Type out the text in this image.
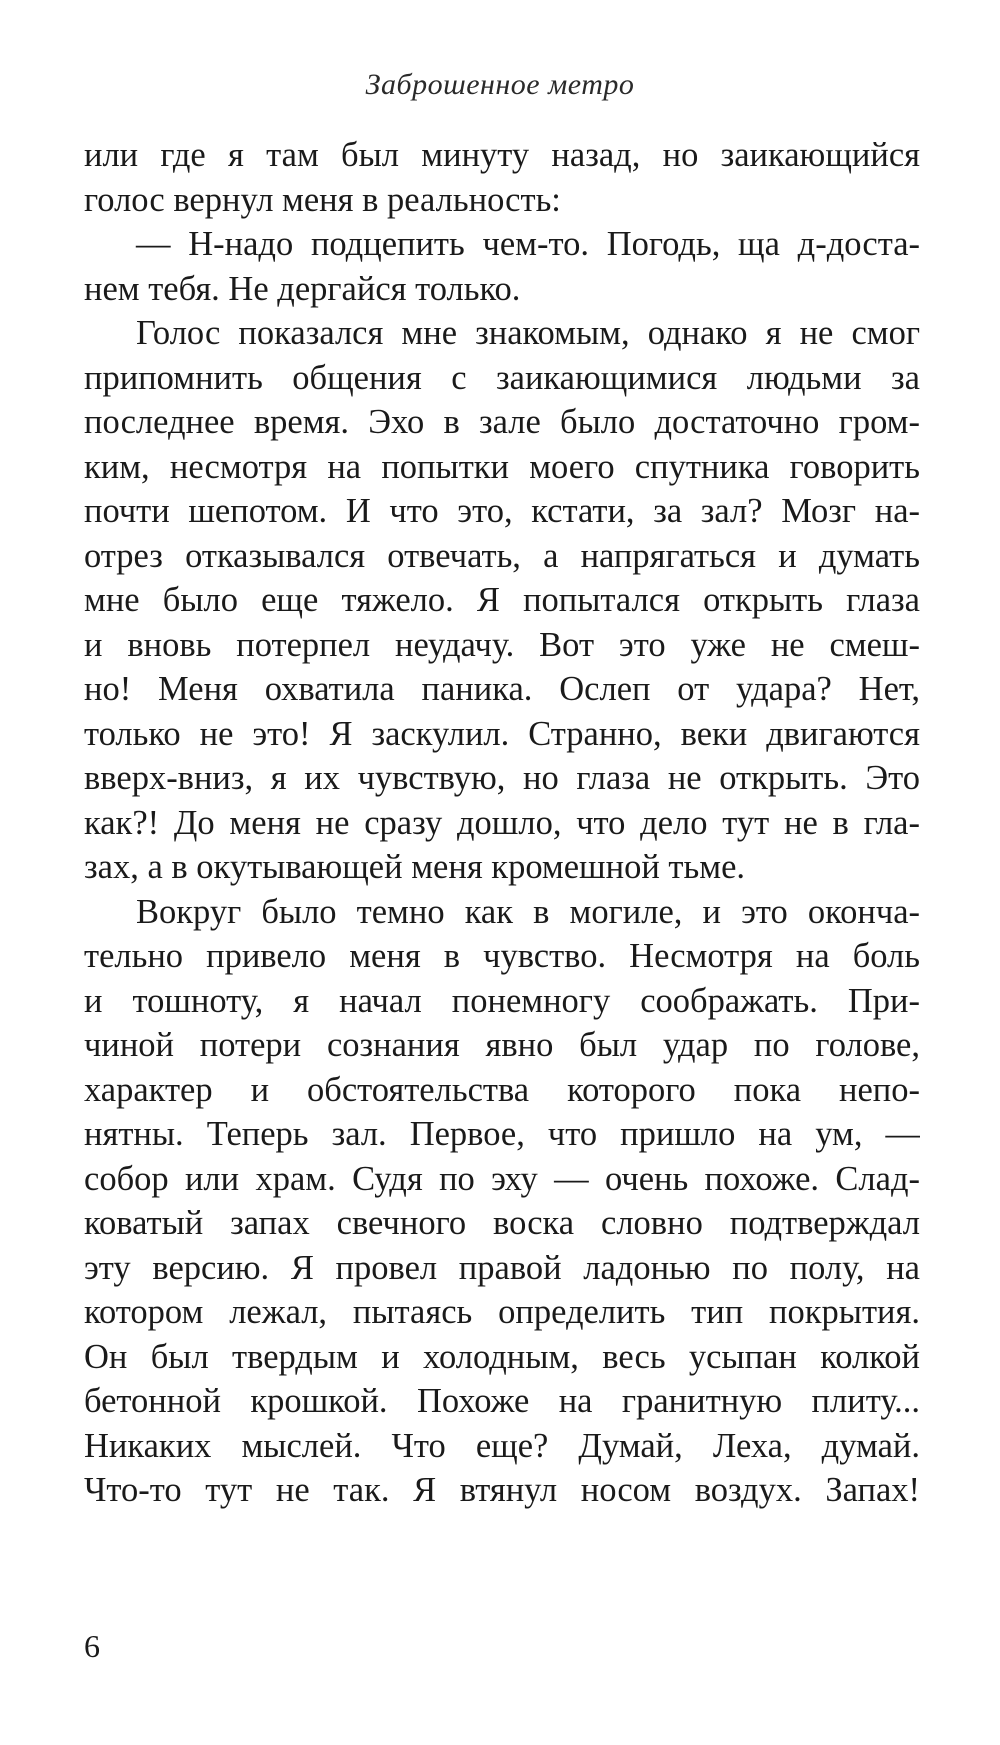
Заброшенное метро
или где я там был минуту назад, но заикающийся
голос вернул меня в реальность:
— Н-надо подцепить чем-то. Погодь, ща д-доста-
нем тебя. Не дергайся только.
Голос показался мне знакомым, однако я не смог
припомнить общения с заикающимися людьми за
последнее время. Эхо в зале было достаточно гром-
ким, несмотря на попытки моего спутника говорить
почти шепотом. И что это, кстати, за зал? Мозг на-
отрез отказывался отвечать, а напрягаться и думать
мне было еще тяжело. Я попытался открыть глаза
и вновь потерпел неудачу. Вот это уже не смеш-
но! Меня охватила паника. Ослеп от удара? Нет,
только не это! Я заскулил. Странно, веки двигаются
вверх-вниз, я их чувствую, но глаза не открыть. Это
как?! До меня не сразу дошло, что дело тут не в гла-
зах, а в окутывающей меня кромешной тьме.
Вокруг было темно как в могиле, и это оконча-
тельно привело меня в чувство. Несмотря на боль
и тошноту, я начал понемногу соображать. При-
чиной потери сознания явно был удар по голове,
характер и обстоятельства которого пока непо-
нятны. Теперь зал. Первое, что пришло на ум, —
собор или храм. Судя по эху — очень похоже. Слад-
коватый запах свечного воска словно подтверждал
эту версию. Я провел правой ладонью по полу, на
котором лежал, пытаясь определить тип покрытия.
Он был твердым и холодным, весь усыпан колкой
бетонной крошкой. Похоже на гранитную плиту...
Никаких мыслей. Что еще? Думай, Леха, думай.
Что-то тут не так. Я втянул носом воздух. Запах!
6
